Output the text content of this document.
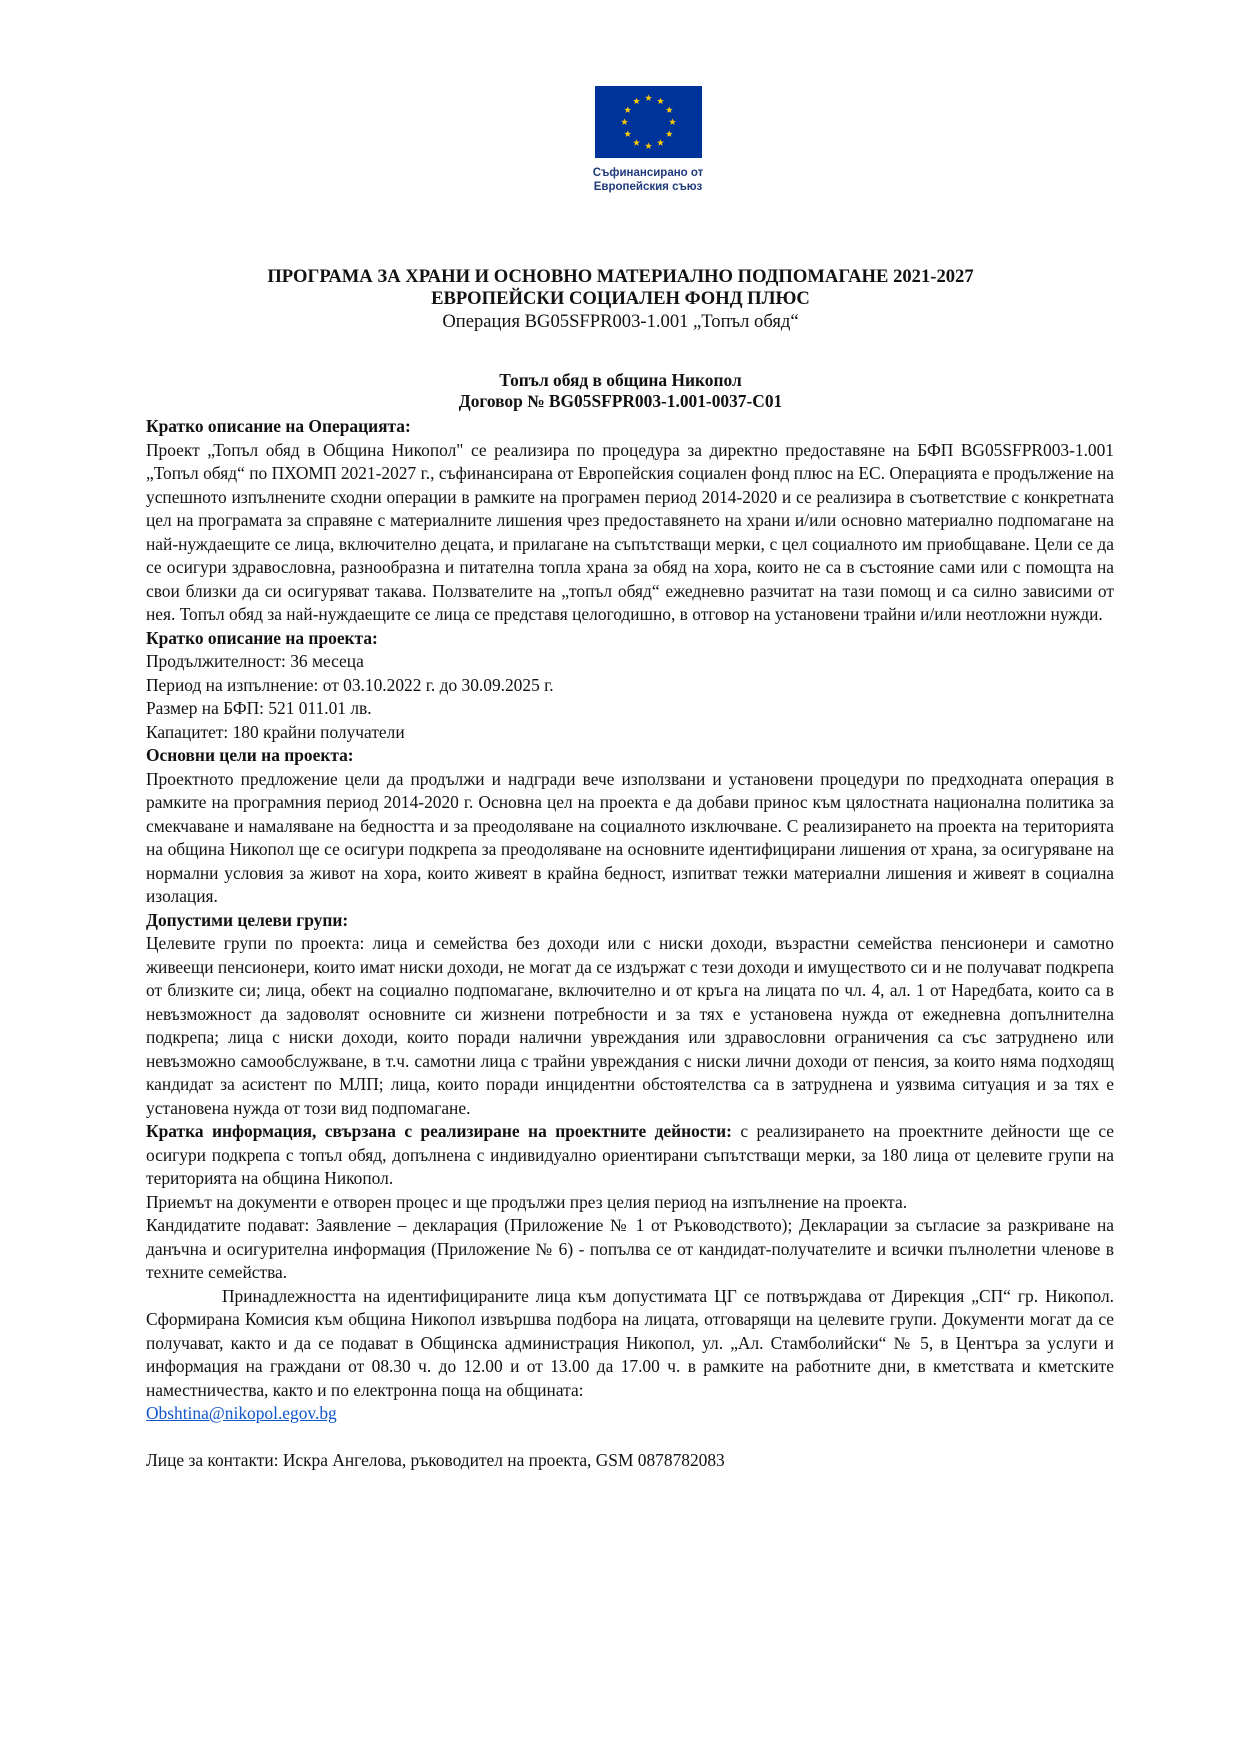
Съфинансирано от
Европейския съюз
ПРОГРАМА ЗА ХРАНИ И ОСНОВНО МАТЕРИАЛНО ПОДПОМАГАНЕ 2021-2027
ЕВРОПЕЙСКИ СОЦИАЛЕН ФОНД ПЛЮС
Операция BG05SFPR003-1.001 „Топъл обяд“
Топъл обяд в община Никопол
Договор № BG05SFPR003-1.001-0037-C01

Кратко описание на Операцията:

Проект „Топъл обяд в Община Никопол" се реализира по процедура за директно предоставяне на БФП BG05SFPR003-1.001 „Топъл обяд“ по ПХОМП 2021-2027 г., съфинансирана от Европейския социален фонд плюс на ЕС. Операцията е продължение на успешното изпълнените сходни операции в рамките на програмен период 2014-2020 и се реализира в съответствие с конкретната цел на програмата за справяне с материалните лишения чрез предоставянето на храни и/или основно материално подпомагане на най-нуждаещите се лица, включително децата, и прилагане на съпътстващи мерки, с цел социалното им приобщаване. Цели се да се осигури здравословна, разнообразна и питателна топла храна за обяд на хора, които не са в състояние сами или с помощта на свои близки да си осигуряват такава. Ползвателите на „топъл обяд“ ежедневно разчитат на тази помощ и са силно зависими от нея. Топъл обяд за най-нуждаещите се лица се представя целогодишно, в отговор на установени трайни и/или неотложни нужди.

Кратко описание на проекта:

Продължителност: 36 месеца

Период на изпълнение: от 03.10.2022 г. до 30.09.2025 г.

Размер на БФП: 521 011.01 лв.

Капацитет: 180 крайни получатели

Основни цели на проекта:

Проектното предложение цели да продължи и надгради вече използвани и установени процедури по предходната операция в рамките на програмния период 2014-2020 г. Основна цел на проекта е да добави принос към цялостната национална политика за смекчаване и намаляване на бедността и за преодоляване на социалното изключване. С реализирането на проекта на територията на община Никопол ще се осигури подкрепа за преодоляване на основните идентифицирани лишения от храна, за осигуряване на нормални условия за живот на хора, които живеят в крайна бедност, изпитват тежки материални лишения и живеят в социална изолация.

Допустими целеви групи:

Целевите групи по проекта: лица и семейства без доходи или с ниски доходи, възрастни семейства пенсионери и самотно живеещи пенсионери, които имат ниски доходи, не могат да се издържат с тези доходи и имуществото си и не получават подкрепа от близките си; лица, обект на социално подпомагане, включително и от кръга на лицата по чл. 4, ал. 1 от Наредбата, които са в невъзможност да задоволят основните си жизнени потребности и за тях е установена нужда от ежедневна допълнителна подкрепа; лица с ниски доходи, които поради налични увреждания или здравословни ограничения са със затруднено или невъзможно самообслужване, в т.ч. самотни лица с трайни увреждания с ниски лични доходи от пенсия, за които няма подходящ кандидат за асистент по МЛП; лица, които поради инцидентни обстоятелства са в затруднена и уязвима ситуация и за тях е установена нужда от този вид подпомагане.

Кратка информация, свързана с реализиране на проектните дейности: с реализирането на проектните дейности ще се осигури подкрепа с топъл обяд, допълнена с индивидуално ориентирани съпътстващи мерки, за 180 лица от целевите групи на територията на община Никопол.

Приемът на документи е отворен процес и ще продължи през целия период на изпълнение на проекта.

Кандидатите подават: Заявление – декларация (Приложение № 1 от Ръководството); Декларации за съгласие за разкриване на данъчна и осигурителна информация (Приложение № 6) - попълва се от кандидат-получателите и всички пълнолетни членове в техните семейства.

Принадлежността на идентифицираните лица към допустимата ЦГ се потвърждава от Дирекция „СП“ гр. Никопол. Сформирана Комисия към община Никопол извършва подбора на лицата, отговарящи на целевите групи. Документи могат да се получават, както и да се подават в Общинска администрация Никопол, ул. „Ал. Стамболийски“ № 5, в Центъра за услуги и информация на граждани от 08.30 ч. до 12.00 и от 13.00 да 17.00 ч. в рамките на работните дни, в кметствата и кметските наместничества, както и по електронна поща на общината:

Obshtina@nikopol.egov.bg

Лице за контакти: Искра Ангелова, ръководител на проекта, GSM 0878782083
